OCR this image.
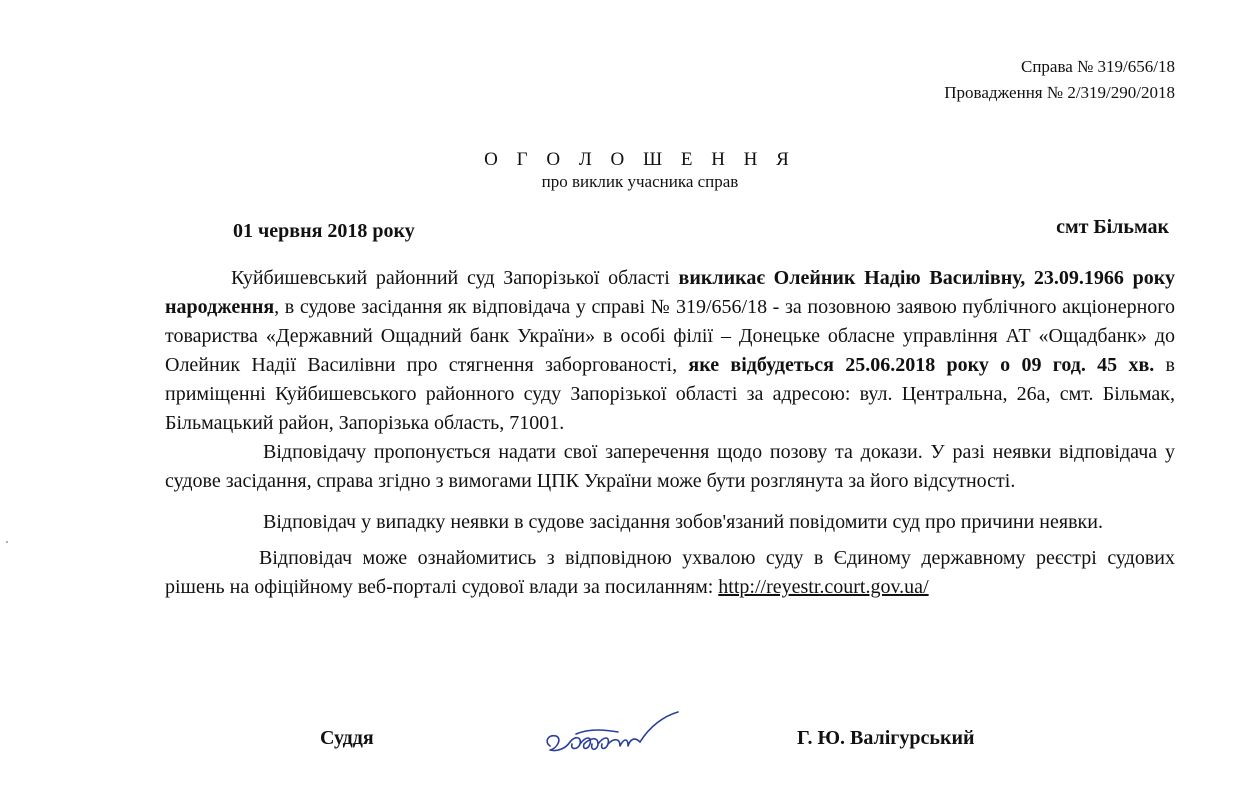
Справа № 319/656/18
Провадження № 2/319/290/2018
О Г О Л О Ш Е Н Н Я
про виклик учасника справ
01 червня 2018 року	смт Більмак

Куйбишевський районний суд Запорізької області викликає Олейник Надію Василівну, 23.09.1966 року народження, в судове засідання як відповідача у справі № 319/656/18 - за позовною заявою публічного акціонерного товариства «Державний Ощадний банк України» в особі філії – Донецьке обласне управління АТ «Ощадбанк» до Олейник Надії Василівни про стягнення заборгованості, яке відбудеться 25.06.2018 року о 09 год. 45 хв. в приміщенні Куйбишевського районного суду Запорізької області за адресою: вул. Центральна, 26а, смт. Більмак, Більмацький район, Запорізька область, 71001.

Відповідачу пропонується надати свої заперечення щодо позову та докази. У разі неявки відповідача у судове засідання, справа згідно з вимогами ЦПК України може бути розглянута за його відсутності.

Відповідач у випадку неявки в судове засідання зобов'язаний повідомити суд про причини неявки.

Відповідач може ознайомитись з відповідною ухвалою суду в Єдиному державному реєстрі судових рішень на офіційному веб-порталі судової влади за посиланням: http://reyestr.court.gov.ua/

Суддя	Г. Ю. Валігурський
